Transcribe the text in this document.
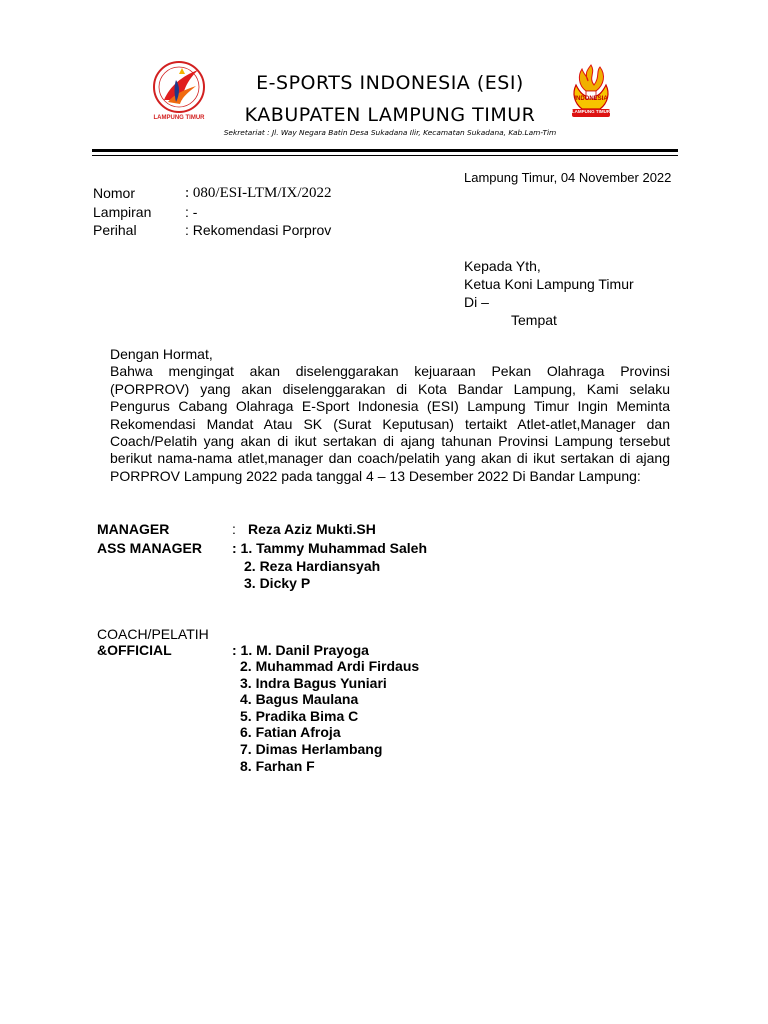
LAMPUNG TIMUR
INDONESIA
LAMPUNG TIMUR
E-SPORTS INDONESIA (ESI)
KABUPATEN LAMPUNG TIMUR
Sekretariat : Jl. Way Negara Batin Desa Sukadana Ilir, Kecamatan Sukadana, Kab.Lam-Tim
Lampung Timur, 04 November 2022
Nomor	: 080/ESI-LTM/IX/2022
Lampiran : -
Perihal	: Rekomendasi Porprov
Kepada Yth,
Ketua Koni Lampung Timur
Di –
Tempat
Dengan Hormat,
Bahwa mengingat akan diselenggarakan kejuaraan Pekan Olahraga Provinsi (PORPROV) yang akan diselenggarakan di Kota Bandar Lampung, Kami selaku Pengurus Cabang Olahraga E-Sport Indonesia (ESI) Lampung Timur Ingin Meminta Rekomendasi Mandat Atau SK (Surat Keputusan) tertaikt Atlet-atlet,Manager dan Coach/Pelatih yang akan di ikut sertakan di ajang tahunan Provinsi Lampung tersebut berikut nama-nama atlet,manager dan coach/pelatih yang akan di ikut sertakan di ajang PORPROV Lampung 2022 pada tanggal 4 – 13 Desember 2022 Di Bandar Lampung:
MANAGER	: Reza Aziz Mukti.SH
ASS MANAGER : 1. Tammy Muhammad Saleh
2. Reza Hardiansyah
3. Dicky P
COACH/PELATIH
&OFFICIAL	: 1. M. Danil Prayoga
2. Muhammad Ardi Firdaus
3. Indra Bagus Yuniari
4. Bagus Maulana
5. Pradika Bima C
6. Fatian Afroja
7. Dimas Herlambang
8. Farhan F
